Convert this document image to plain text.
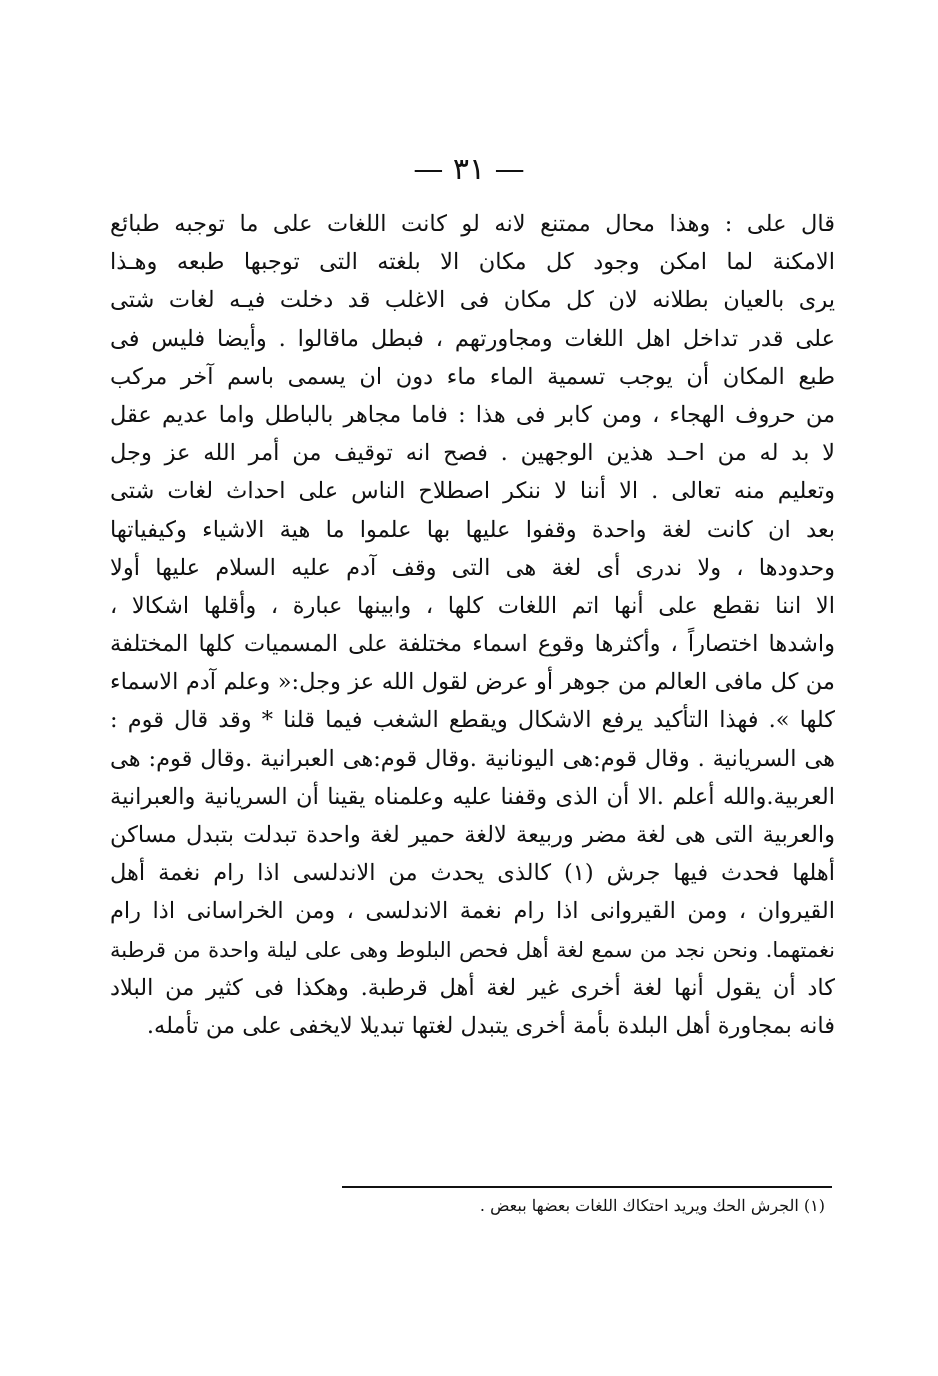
— ٣١ —
قال على : وهذا محال ممتنع لانه لو كانت اللغات على ما توجبه طبائع
الامكنة لما امكن وجود كل مكان الا بلغته التى توجبها طبعه وهـذا
يرى بالعيان بطلانه لان كل مكان فى الاغلب قد دخلت فيـه لغات شتى
على قدر تداخل اهل اللغات ومجاورتهم ، فبطل ماقالوا . وأيضا فليس فى
طبع المكان أن يوجب تسمية الماء ماء دون ان يسمى باسم آخر مركب
من حروف الهجاء ، ومن كابر فى هذا : فاما مجاهر بالباطل واما عديم عقل
لا بد له من احـد هذين الوجهين . فصح انه توقيف من أمر الله عز وجل
وتعليم منه تعالى . الا أننا لا ننكر اصطلاح الناس على احداث لغات شتى
بعد ان كانت لغة واحدة وقفوا عليها بها علموا ما هية الاشياء وكيفياتها
وحدودها ، ولا ندرى أى لغة هى التى وقف آدم عليه السلام عليها أولا
الا اننا نقطع على أنها اتم اللغات كلها ، وابينها عبارة ، وأقلها اشكالا ،
واشدها اختصاراً ، وأكثرها وقوع اسماء مختلفة على المسميات كلها المختلفة
من كل مافى العالم من جوهر أو عرض لقول الله عز وجل:« وعلم آدم الاسماء
كلها ». فهذا التأكيد يرفع الاشكال ويقطع الشغب فيما قلنا * وقد قال قوم :
هى السريانية . وقال قوم:هى اليونانية .وقال قوم:هى العبرانية .وقال قوم: هى
العربية.والله أعلم .الا أن الذى وقفنا عليه وعلمناه يقينا أن السريانية والعبرانية
والعربية التى هى لغة مضر وربيعة لالغة حمير لغة واحدة تبدلت بتبدل مساكن
أهلها فحدث فيها جرش (١) كالذى يحدث من الاندلسى اذا رام نغمة أهل
القيروان ، ومن القيروانى اذا رام نغمة الاندلسى ، ومن الخراسانى اذا رام
نغمتهما. ونحن نجد من سمع لغة أهل فحص البلوط وهى على ليلة واحدة من قرطبة
كاد أن يقول أنها لغة أخرى غير لغة أهل قرطبة. وهكذا فى كثير من البلاد
فانه بمجاورة أهل البلدة بأمة أخرى يتبدل لغتها تبديلا لايخفى على من تأمله.
(١) الجرش الحك ويريد احتكاك اللغات بعضها ببعض .
